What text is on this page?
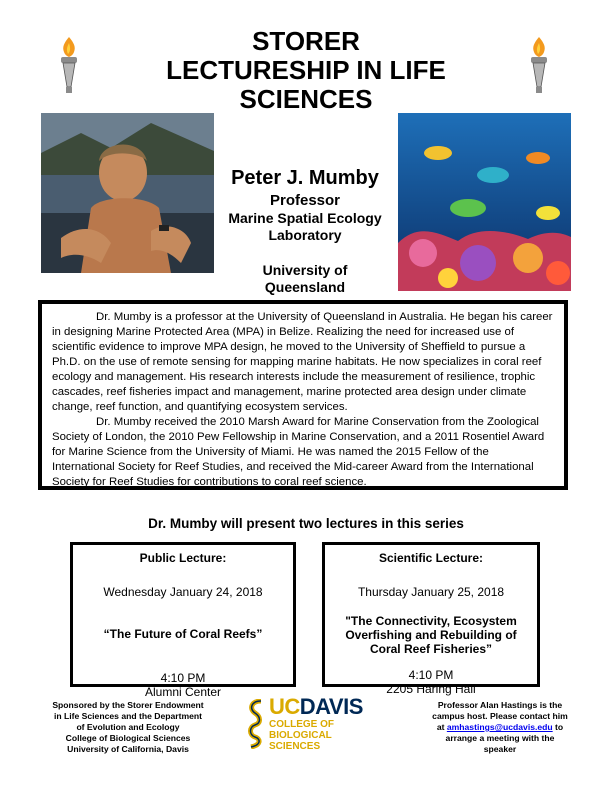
STORER
LECTURESHIP IN LIFE
SCIENCES
Peter J. Mumby
Professor
Marine Spatial Ecology
Laboratory
University of
Queensland

Dr. Mumby is a professor at the University of Queensland in Australia. He began his career in designing Marine Protected Area (MPA) in Belize. Realizing the need for increased use of scientific evidence to improve MPA design, he moved to the University of Sheffield to pursue a Ph.D. on the use of remote sensing for mapping marine habitats. He now specializes in coral reef ecology and management. His research interests include the measurement of resilience, trophic cascades, reef fisheries impact and management, marine protected area design under climate change, reef function, and quantifying ecosystem services.

Dr. Mumby received the 2010 Marsh Award for Marine Conservation from the Zoological Society of London, the 2010 Pew Fellowship in Marine Conservation, and a 2011 Rosentiel Award for Marine Science from the University of Miami. He was named the 2015 Fellow of the International Society for Reef Studies, and received the Mid-career Award from the International Society for Reef Studies for contributions to coral reef science.

Dr. Mumby will present two lectures in this series
Public Lecture:
Wednesday January 24, 2018
“The Future of Coral Reefs”
4:10 PM
Alumni Center
Scientific Lecture:
Thursday January 25, 2018
"The Connectivity, Ecosystem
Overfishing and Rebuilding of
Coral Reef Fisheries”
4:10 PM
2205 Haring Hall
Sponsored by the Storer Endowment
in Life Sciences and the Department
of Evolution and Ecology
College of Biological Sciences
University of California, Davis
UCDAVIS
COLLEGE OF
BIOLOGICAL
SCIENCES
Professor Alan Hastings is the
campus host. Please contact him
at amhastings@ucdavis.edu to
arrange a meeting with the
speaker
